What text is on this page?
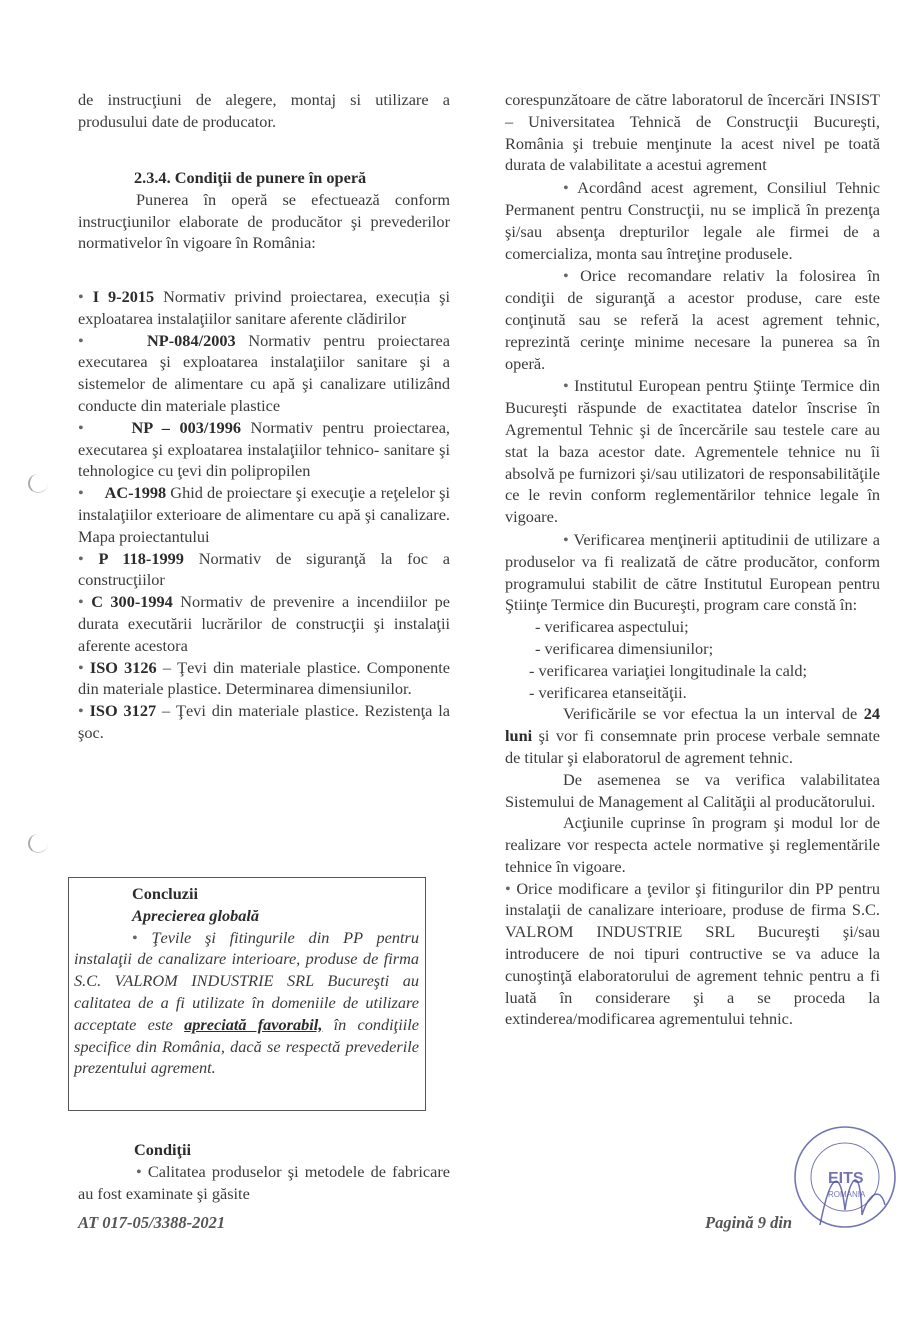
de instrucţiuni de alegere, montaj si utilizare a produsului date de producator.
2.3.4. Condiţii de punere în operă
Punerea în operă se efectuează conform instrucţiunilor elaborate de producător şi prevederilor normativelor în vigoare în România:
• I 9-2015 Normativ privind proiectarea, execuția şi exploatarea instalaţiilor sanitare aferente clădirilor
•	NP-084/2003 Normativ pentru proiectarea executarea şi exploatarea instalaţiilor sanitare şi a sistemelor de alimentare cu apă şi canalizare utilizând conducte din materiale plastice
•	NP – 003/1996 Normativ pentru proiectarea, executarea şi exploatarea instalaţiilor tehnico- sanitare şi tehnologice cu ţevi din polipropilen
• AC-1998 Ghid de proiectare şi execuţie a reţelelor şi instalaţiilor exterioare de alimentare cu apă şi canalizare. Mapa proiectantului
• P 118-1999 Normativ de siguranţă la foc a construcţiilor
• C 300-1994 Normativ de prevenire a incendiilor pe durata executării lucrărilor de construcţii şi instalaţii aferente acestora
• ISO 3126 – Ţevi din materiale plastice. Componente din materiale plastice. Determinarea dimensiunilor.
• ISO 3127 – Ţevi din materiale plastice. Rezistenţa la şoc.

Concluzii

Aprecierea globală

• Ţevile şi fitingurile din PP pentru instalaţii de canalizare interioare, produse de firma S.C. VALROM INDUSTRIE SRL Bucureşti au calitatea de a fi utilizate în domeniile de utilizare acceptate este apreciată favorabil, în condiţiile specifice din România, dacă se respectă prevederile prezentului agrement.

Condiţii
• Calitatea produselor şi metodele de fabricare au fost examinate şi găsite
AT 017-05/3388-2021
corespunzătoare de către laboratorul de încercări INSIST – Universitatea Tehnică de Construcţii Bucureşti, România şi trebuie menţinute la acest nivel pe toată durata de valabilitate a acestui agrement
• Acordând acest agrement, Consiliul Tehnic Permanent pentru Construcţii, nu se implică în prezenţa şi/sau absenţa drepturilor legale ale firmei de a comercializa, monta sau întreţine produsele.
• Orice recomandare relativ la folosirea în condiţii de siguranţă a acestor produse, care este conţinută sau se referă la acest agrement tehnic, reprezintă cerinţe minime necesare la punerea sa în operă.
• Institutul European pentru Ştiinţe Termice din Bucureşti răspunde de exactitatea datelor înscrise în Agrementul Tehnic şi de încercările sau testele care au stat la baza acestor date. Agrementele tehnice nu îi absolvă pe furnizori şi/sau utilizatori de responsabilităţile ce le revin conform reglementărilor tehnice legale în vigoare.
• Verificarea menţinerii aptitudinii de utilizare a produselor va fi realizată de către producător, conform programului stabilit de către Institutul European pentru Ştiinţe Termice din Bucureşti, program care constă în:
- verificarea aspectului;
- verificarea dimensiunilor;
- verificarea variaţiei longitudinale la cald;
- verificarea etanseităţii.
Verificările se vor efectua la un interval de 24 luni şi vor fi consemnate prin procese verbale semnate de titular şi elaboratorul de agrement tehnic.
De asemenea se va verifica valabilitatea Sistemului de Management al Calităţii al producătorului.
Acţiunile cuprinse în program şi modul lor de realizare vor respecta actele normative şi reglementările tehnice în vigoare.
• Orice modificare a ţevilor şi fitingurilor din PP pentru instalaţii de canalizare interioare, produse de firma S.C. VALROM INDUSTRIE SRL Bucureşti şi/sau introducere de noi tipuri contructive se va aduce la cunoştinţă elaboratorului de agrement tehnic pentru a fi luată în considerare şi a se proceda la extinderea/modificarea agrementului tehnic.
Pagină 9 din
EITS
ROMANIA
